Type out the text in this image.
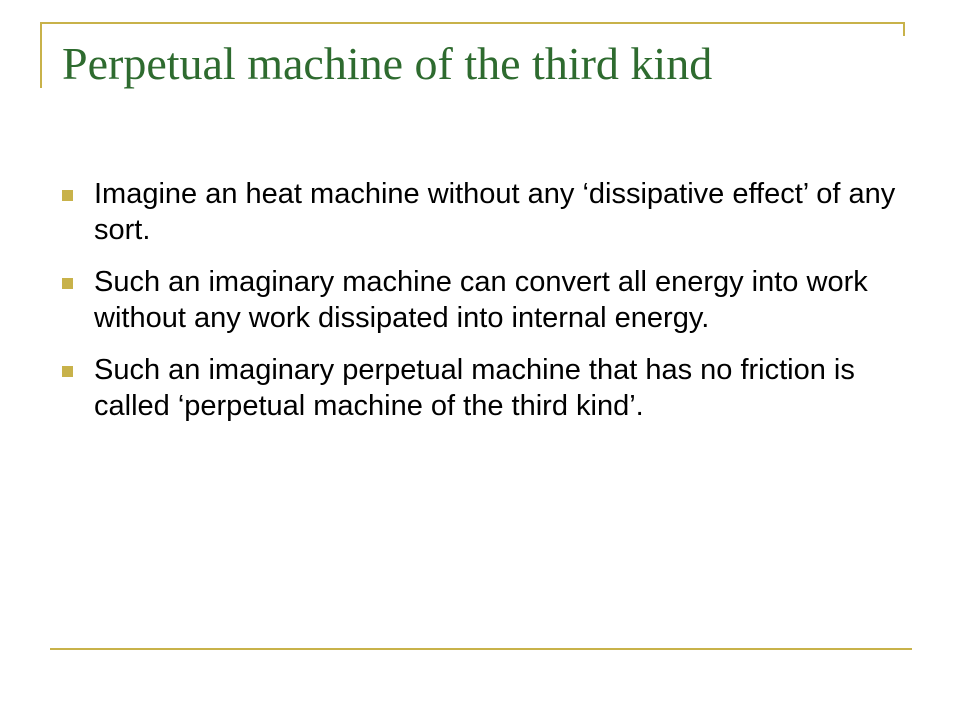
Perpetual machine of the third kind
Imagine an heat machine without any ‘dissipative effect’ of any sort.
Such an imaginary machine can convert all energy into work without any work dissipated into internal energy.
Such an imaginary perpetual machine that has no friction is called ‘perpetual machine of the third kind’.
